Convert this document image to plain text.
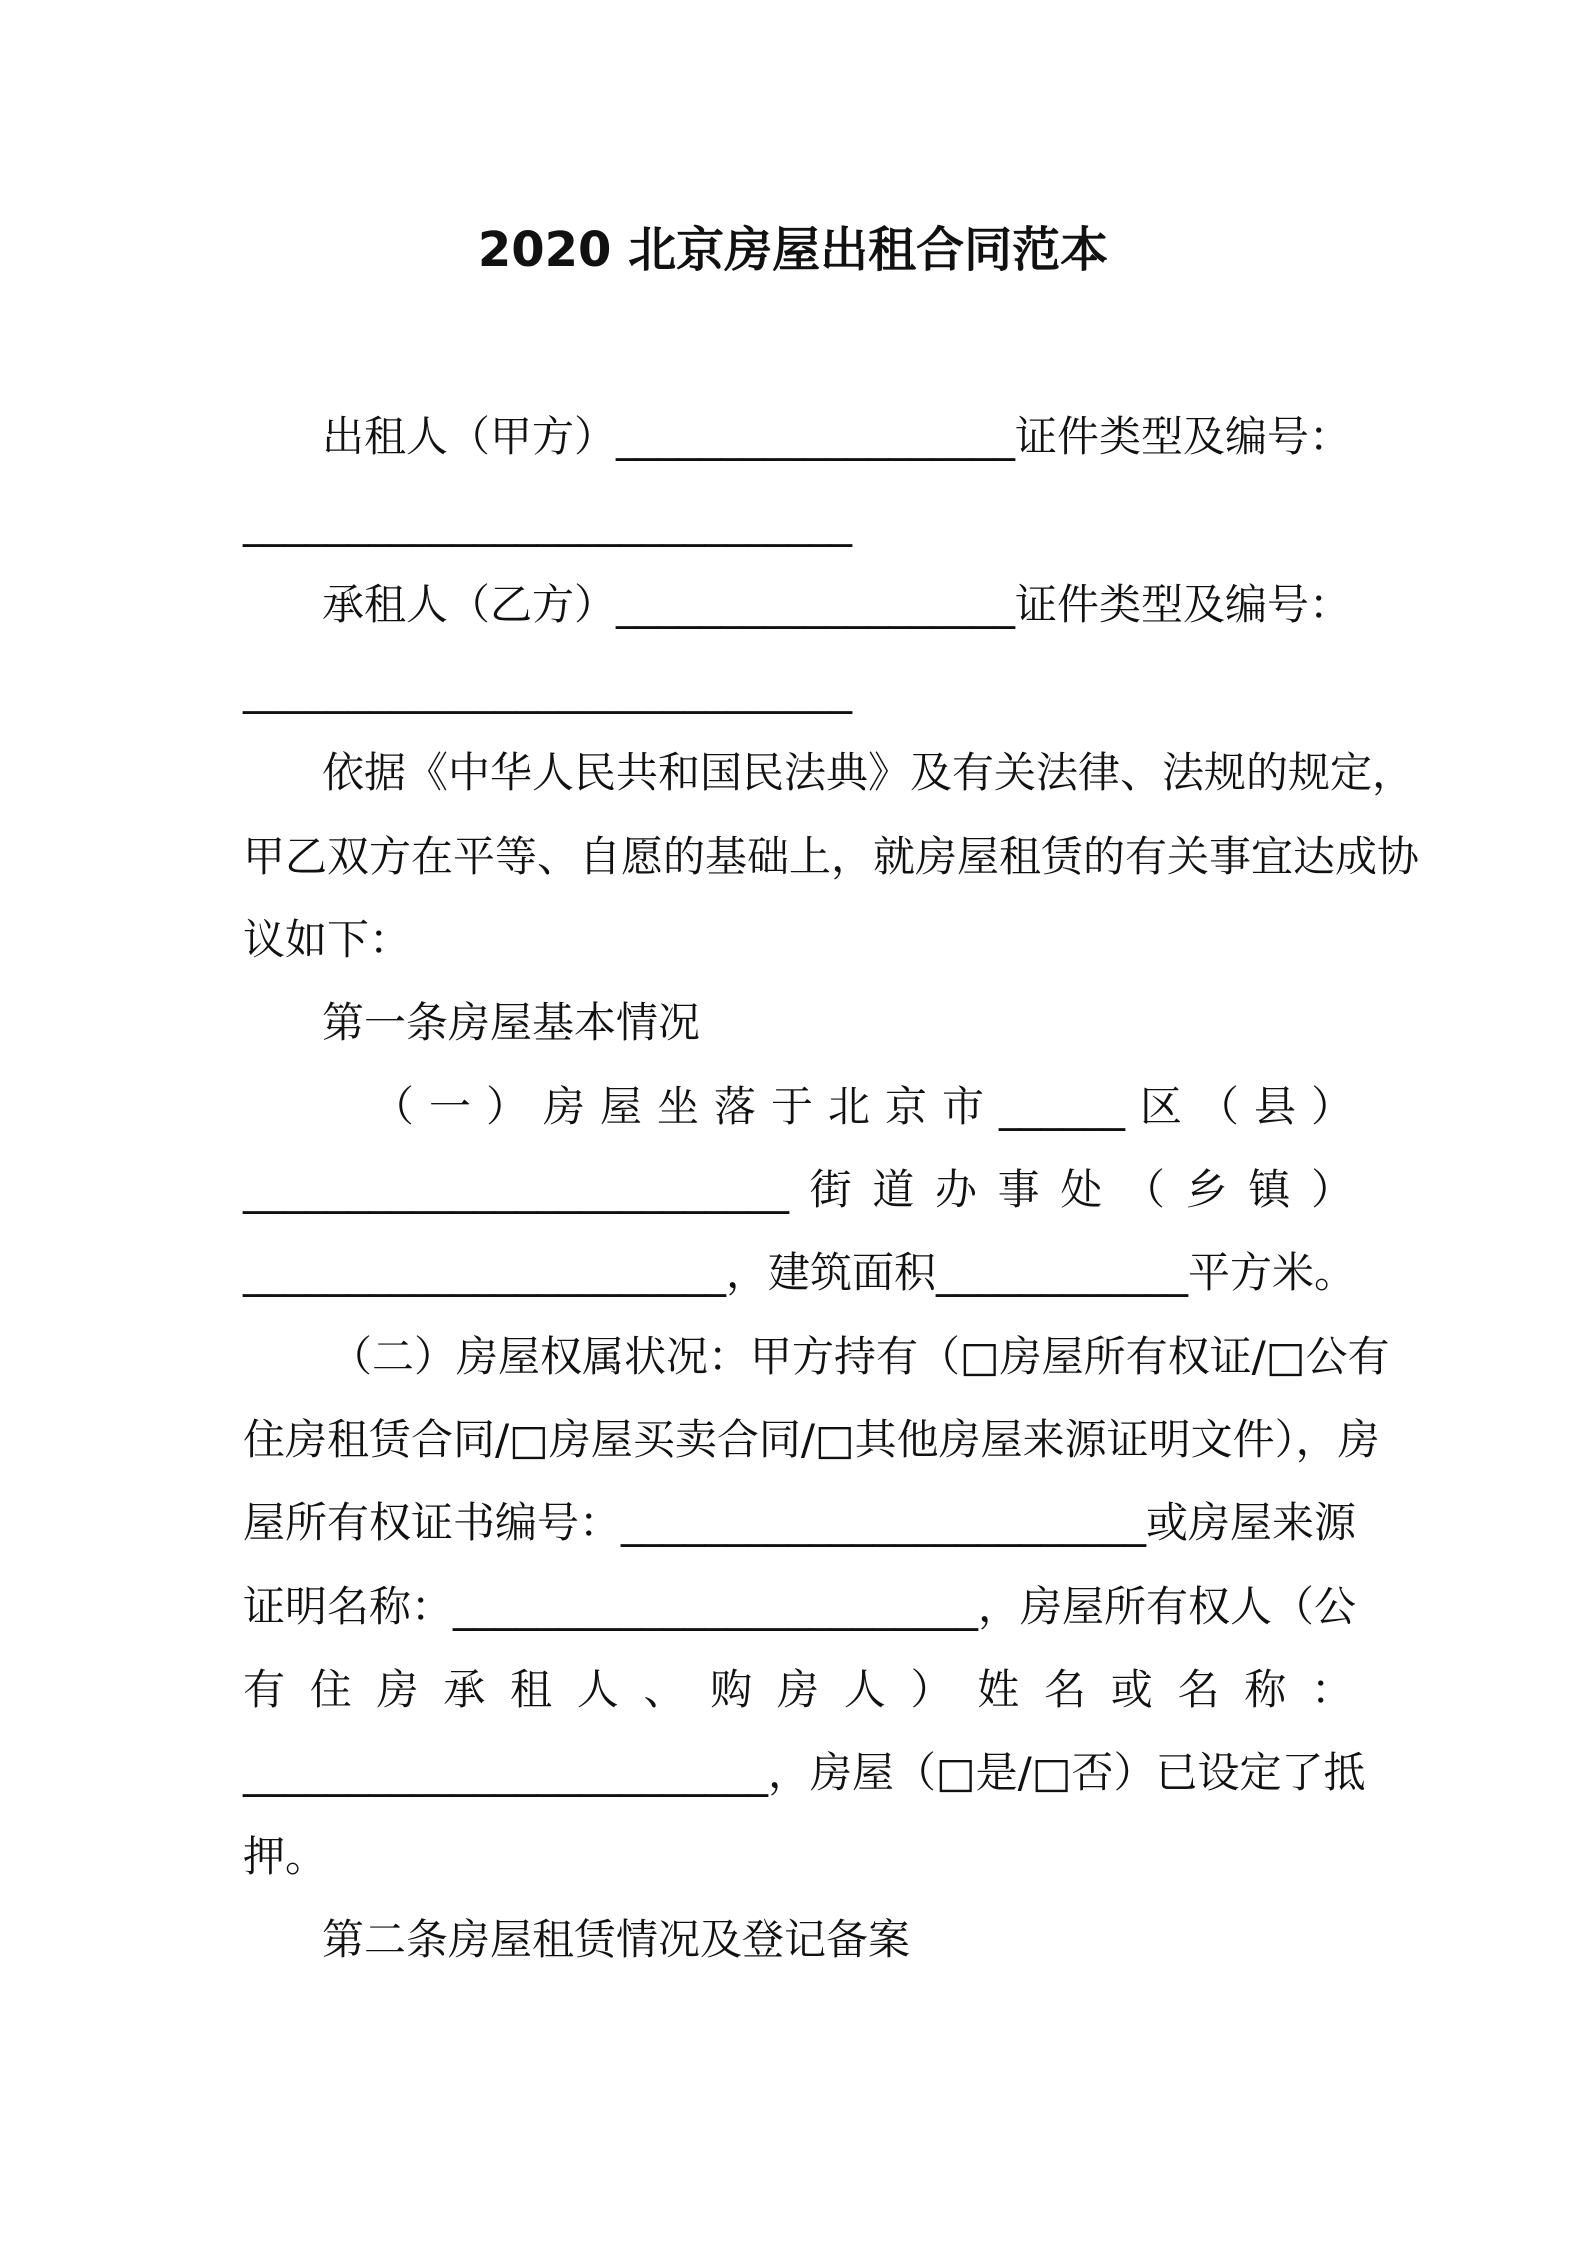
2020 北京房屋出租合同范本
出租人（甲方）___________________证件类型及编号：
_____________________________
承租人（乙方）___________________证件类型及编号：
_____________________________
依据《中华人民共和国民法典》及有关法律、法规的规定，
甲乙双方在平等、自愿的基础上，就房屋租赁的有关事宜达成协
议如下：
第一条房屋基本情况
（一）房屋坐落于北京市______区（县）
__________________________街道办事处（乡镇）
_______________________，建筑面积____________平方米。
（二）房屋权属状况：甲方持有（□房屋所有权证/□公有
住房租赁合同/□房屋买卖合同/□其他房屋来源证明文件），房
屋所有权证书编号：_________________________或房屋来源
证明名称：_________________________，房屋所有权人（公
有住房承租人、购房人）姓名或名称：
_________________________，房屋（□是/□否）已设定了抵
押。
第二条房屋租赁情况及登记备案
